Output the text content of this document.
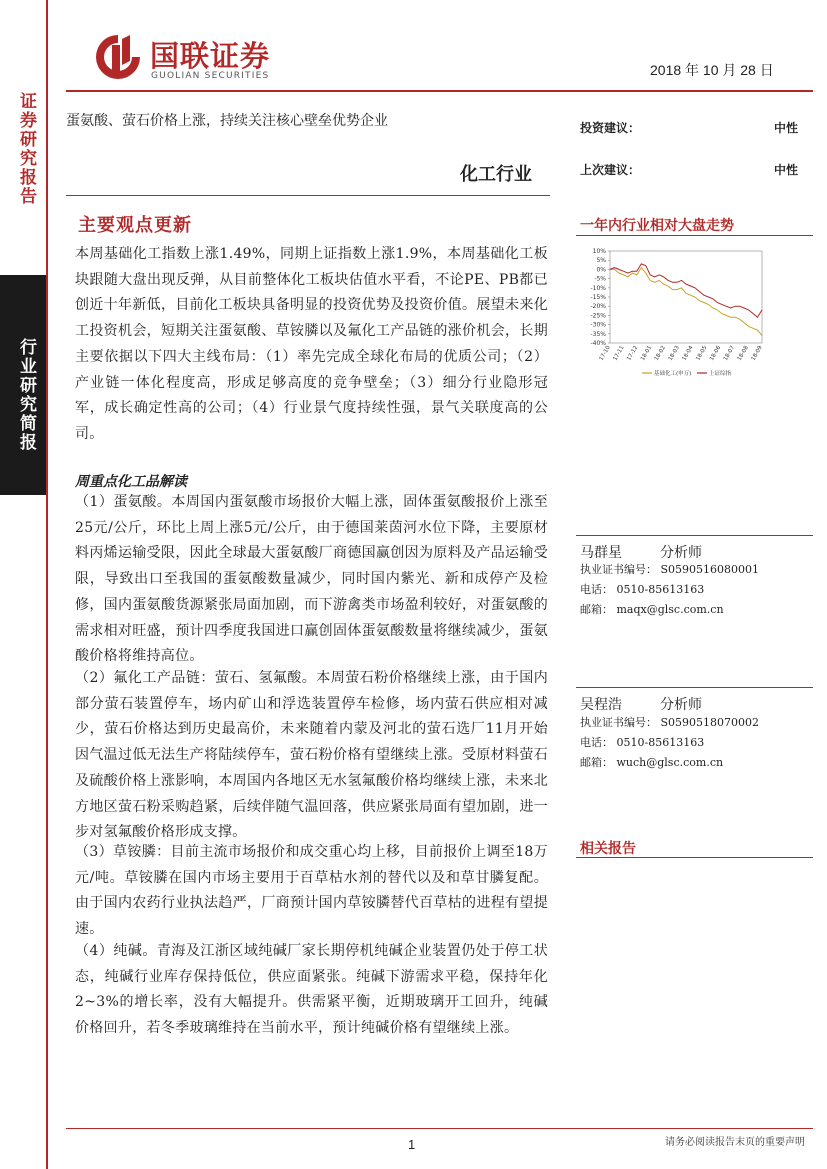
证券研究报告
行业研究简报
国联证券
GUOLIAN SECURITIES	2018 年 10 月 28 日
蛋氨酸、萤石价格上涨，持续关注核心壁垒优势企业
化工行业
投资建议：	中性
上次建议：	中性
主要观点更新
本周基础化工指数上涨1.49%，同期上证指数上涨1.9%，本周基础化工板块跟随大盘出现反弹，从目前整体化工板块估值水平看，不论PE、PB都已创近十年新低，目前化工板块具备明显的投资优势及投资价值。展望未来化工投资机会，短期关注蛋氨酸、草铵膦以及氟化工产品链的涨价机会，长期主要依据以下四大主线布局：（1）率先完成全球化布局的优质公司；（2）产业链一体化程度高，形成足够高度的竞争壁垒；（3）细分行业隐形冠军，成长确定性高的公司；（4）行业景气度持续性强，景气关联度高的公司。
周重点化工品解读
（1）蛋氨酸。本周国内蛋氨酸市场报价大幅上涨，固体蛋氨酸报价上涨至25元/公斤，环比上周上涨5元/公斤，由于德国莱茵河水位下降，主要原材料丙烯运输受限，因此全球最大蛋氨酸厂商德国赢创因为原料及产品运输受限，导致出口至我国的蛋氨酸数量减少，同时国内紫光、新和成停产及检修，国内蛋氨酸货源紧张局面加剧，而下游禽类市场盈利较好，对蛋氨酸的需求相对旺盛，预计四季度我国进口赢创固体蛋氨酸数量将继续减少，蛋氨酸价格将维持高位。
（2）氟化工产品链：萤石、氢氟酸。本周萤石粉价格继续上涨，由于国内部分萤石装置停车，场内矿山和浮选装置停车检修，场内萤石供应相对减少，萤石价格达到历史最高价，未来随着内蒙及河北的萤石选厂11月开始因气温过低无法生产将陆续停车，萤石粉价格有望继续上涨。受原材料萤石及硫酸价格上涨影响，本周国内各地区无水氢氟酸价格均继续上涨，未来北方地区萤石粉采购趋紧，后续伴随气温回落，供应紧张局面有望加剧，进一步对氢氟酸价格形成支撑。
（3）草铵膦：目前主流市场报价和成交重心均上移，目前报价上调至18万元/吨。草铵膦在国内市场主要用于百草枯水剂的替代以及和草甘膦复配。由于国内农药行业执法趋严，厂商预计国内草铵膦替代百草枯的进程有望提速。
（4）纯碱。青海及江浙区域纯碱厂家长期停机纯碱企业装置仍处于停工状态，纯碱行业库存保持低位，供应面紧张。纯碱下游需求平稳，保持年化2~3%的增长率，没有大幅提升。供需紧平衡，近期玻璃开工回升，纯碱价格回升，若冬季玻璃维持在当前水平，预计纯碱价格有望继续上涨。
一年内行业相对大盘走势
10%
5%
0%
-5%
-10%
-15%
-20%
-25%
-30%
-35%
-40%
17-10 17-11 17-12 18-01 18-02 18-03 18-04 18-05 18-06 18-07 18-08 18-09
基础化工(申万)	上证综指
马群星	分析师
执业证书编号： S0590516080001
电话： 0510-85613163
邮箱： maqx@glsc.com.cn
吴程浩	分析师
执业证书编号： S0590518070002
电话： 0510-85613163
邮箱： wuch@glsc.com.cn
相关报告
1	请务必阅读报告末页的重要声明
